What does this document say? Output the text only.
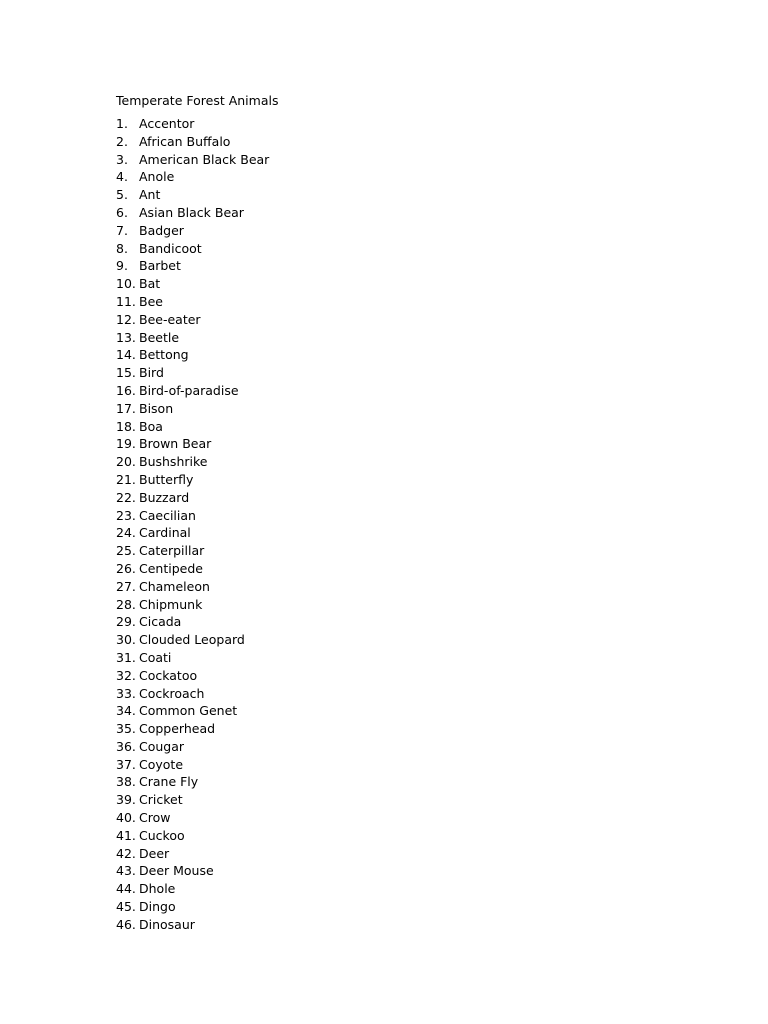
Temperate Forest Animals
1. Accentor
2. African Buffalo
3. American Black Bear
4. Anole
5. Ant
6. Asian Black Bear
7. Badger
8. Bandicoot
9. Barbet
10. Bat
11. Bee
12. Bee-eater
13. Beetle
14. Bettong
15. Bird
16. Bird-of-paradise
17. Bison
18. Boa
19. Brown Bear
20. Bushshrike
21. Butterfly
22. Buzzard
23. Caecilian
24. Cardinal
25. Caterpillar
26. Centipede
27. Chameleon
28. Chipmunk
29. Cicada
30. Clouded Leopard
31. Coati
32. Cockatoo
33. Cockroach
34. Common Genet
35. Copperhead
36. Cougar
37. Coyote
38. Crane Fly
39. Cricket
40. Crow
41. Cuckoo
42. Deer
43. Deer Mouse
44. Dhole
45. Dingo
46. Dinosaur
